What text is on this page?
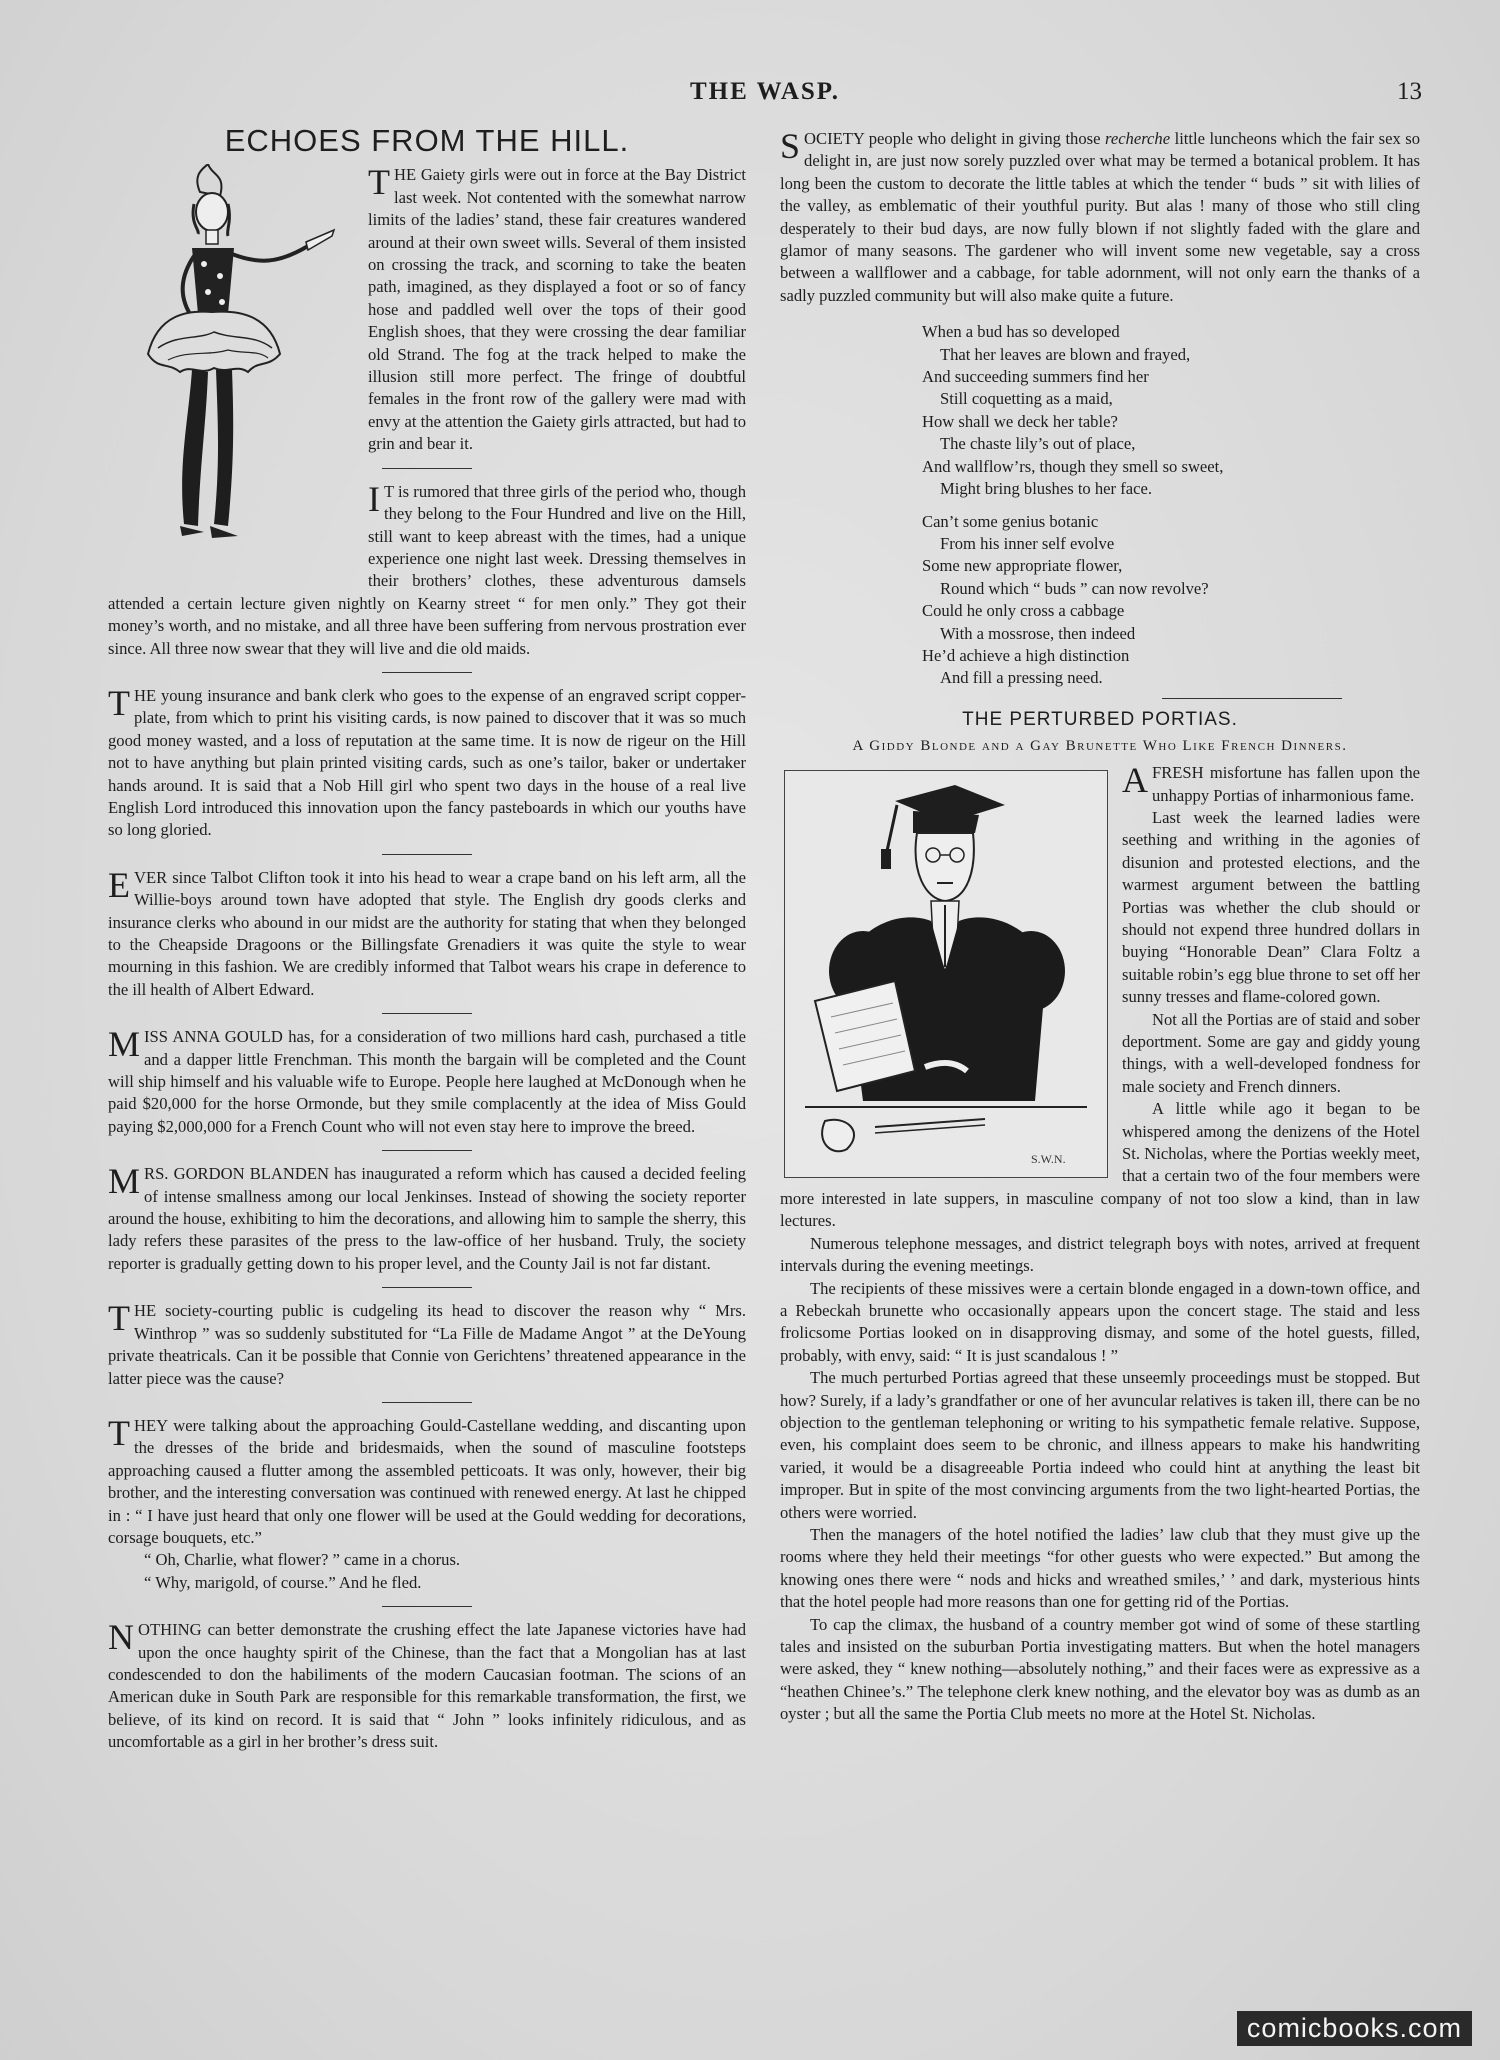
THE WASP.	13
ECHOES FROM THE HILL.

THE Gaiety girls were out in force at the Bay District last week. Not contented with the somewhat narrow limits of the ladies’ stand, these fair creatures wandered around at their own sweet wills. Several of them insisted on crossing the track, and scorning to take the beaten path, imagined, as they displayed a foot or so of fancy hose and paddled well over the tops of their good English shoes, that they were crossing the dear familiar old Strand. The fog at the track helped to make the illusion still more perfect. The fringe of doubtful females in the front row of the gallery were mad with envy at the attention the Gaiety girls attracted, but had to grin and bear it.

I T is rumored that three girls of the period who, though they belong to the Four Hundred and live on the Hill, still want to keep abreast with the times, had a unique experience one night last week. Dressing themselves in their brothers’ clothes, these adventurous damsels attended a certain lecture given nightly on Kearny street “ for men only.” They got their money’s worth, and no mistake, and all three have been suffering from nervous prostration ever since. All three now swear that they will live and die old maids.

THE young insurance and bank clerk who goes to the expense of an engraved script copper-plate, from which to print his visiting cards, is now pained to discover that it was so much good money wasted, and a loss of reputation at the same time. It is now de rigeur on the Hill not to have anything but plain printed visiting cards, such as one’s tailor, baker or undertaker hands around. It is said that a Nob Hill girl who spent two days in the house of a real live English Lord introduced this innovation upon the fancy pasteboards in which our youths have so long gloried.

EVER since Talbot Clifton took it into his head to wear a crape band on his left arm, all the Willie-boys around town have adopted that style. The English dry goods clerks and insurance clerks who abound in our midst are the authority for stating that when they belonged to the Cheapside Dragoons or the Billingsfate Grenadiers it was quite the style to wear mourning in this fashion. We are credibly informed that Talbot wears his crape in deference to the ill health of Albert Edward.

MISS ANNA GOULD has, for a consideration of two millions hard cash, purchased a title and a dapper little Frenchman. This month the bargain will be completed and the Count will ship himself and his valuable wife to Europe. People here laughed at McDonough when he paid $20,000 for the horse Ormonde, but they smile complacently at the idea of Miss Gould paying $2,000,000 for a French Count who will not even stay here to improve the breed.

MRS. GORDON BLANDEN has inaugurated a reform which has caused a decided feeling of intense smallness among our local Jenkinses. Instead of showing the society reporter around the house, exhibiting to him the decorations, and allowing him to sample the sherry, this lady refers these parasites of the press to the law-office of her husband. Truly, the society reporter is gradually getting down to his proper level, and the County Jail is not far distant.

THE society-courting public is cudgeling its head to discover the reason why “ Mrs. Winthrop ” was so suddenly substituted for “La Fille de Madame Angot ” at the DeYoung private theatricals. Can it be possible that Connie von Gerichtens’ threatened appearance in the latter piece was the cause?

THEY were talking about the approaching Gould-Castellane wedding, and discanting upon the dresses of the bride and bridesmaids, when the sound of masculine footsteps approaching caused a flutter among the assembled petticoats. It was only, however, their big brother, and the interesting conversation was continued with renewed energy. At last he chipped in : “ I have just heard that only one flower will be used at the Gould wedding for decorations, corsage bouquets, etc.”

“ Oh, Charlie, what flower? ” came in a chorus.

“ Why, marigold, of course.” And he fled.

NOTHING can better demonstrate the crushing effect the late Japanese victories have had upon the once haughty spirit of the Chinese, than the fact that a Mongolian has at last condescended to don the habiliments of the modern Caucasian footman. The scions of an American duke in South Park are responsible for this remarkable transformation, the first, we believe, of its kind on record. It is said that “ John ” looks infinitely ridiculous, and as uncomfortable as a girl in her brother’s dress suit.

SOCIETY people who delight in giving those recherche little luncheons which the fair sex so delight in, are just now sorely puzzled over what may be termed a botanical problem. It has long been the custom to decorate the little tables at which the tender “ buds ” sit with lilies of the valley, as emblematic of their youthful purity. But alas ! many of those who still cling desperately to their bud days, are now fully blown if not slightly faded with the glare and glamor of many seasons. The gardener who will invent some new vegetable, say a cross between a wallflower and a cabbage, for table adornment, will not only earn the thanks of a sadly puzzled community but will also make quite a future.

When a bud has so developed
That her leaves are blown and frayed,
And succeeding summers find her
Still coquetting as a maid,
How shall we deck her table?
The chaste lily’s out of place,
And wallflow’rs, though they smell so sweet,
Might bring blushes to her face.
Can’t some genius botanic
From his inner self evolve
Some new appropriate flower,
Round which “ buds ” can now revolve?
Could he only cross a cabbage
With a mossrose, then indeed
He’d achieve a high distinction
And fill a pressing need.
THE PERTURBED PORTIAS.
A Giddy Blonde and a Gay Brunette Who Like French Dinners.
S.W.N.

AFRESH misfortune has fallen upon the unhappy Portias of inharmonious fame.

Last week the learned ladies were seething and writhing in the agonies of disunion and protested elections, and the warmest argument between the battling Portias was whether the club should or should not expend three hundred dollars in buying “Honorable Dean” Clara Foltz a suitable robin’s egg blue throne to set off her sunny tresses and flame-colored gown.

Not all the Portias are of staid and sober deportment. Some are gay and giddy young things, with a well-developed fondness for male society and French dinners.

A little while ago it began to be whispered among the denizens of the Hotel St. Nicholas, where the Portias weekly meet, that a certain two of the four members were more interested in late suppers, in masculine company of not too slow a kind, than in law lectures.

Numerous telephone messages, and district telegraph boys with notes, arrived at frequent intervals during the evening meetings.

The recipients of these missives were a certain blonde engaged in a down-town office, and a Rebeckah brunette who occasionally appears upon the concert stage. The staid and less frolicsome Portias looked on in disapproving dismay, and some of the hotel guests, filled, probably, with envy, said: “ It is just scandalous ! ”

The much perturbed Portias agreed that these unseemly proceedings must be stopped. But how? Surely, if a lady’s grandfather or one of her avuncular relatives is taken ill, there can be no objection to the gentleman telephoning or writing to his sympathetic female relative. Suppose, even, his complaint does seem to be chronic, and illness appears to make his handwriting varied, it would be a disagreeable Portia indeed who could hint at anything the least bit improper. But in spite of the most convincing arguments from the two light-hearted Portias, the others were worried.

Then the managers of the hotel notified the ladies’ law club that they must give up the rooms where they held their meetings “for other guests who were expected.” But among the knowing ones there were “ nods and hicks and wreathed smiles,’ ’ and dark, mysterious hints that the hotel people had more reasons than one for getting rid of the Portias.

To cap the climax, the husband of a country member got wind of some of these startling tales and insisted on the suburban Portia investigating matters. But when the hotel managers were asked, they “ knew nothing—absolutely nothing,” and their faces were as expressive as a “heathen Chinee’s.” The telephone clerk knew nothing, and the elevator boy was as dumb as an oyster ; but all the same the Portia Club meets no more at the Hotel St. Nicholas.

comicbooks.com
